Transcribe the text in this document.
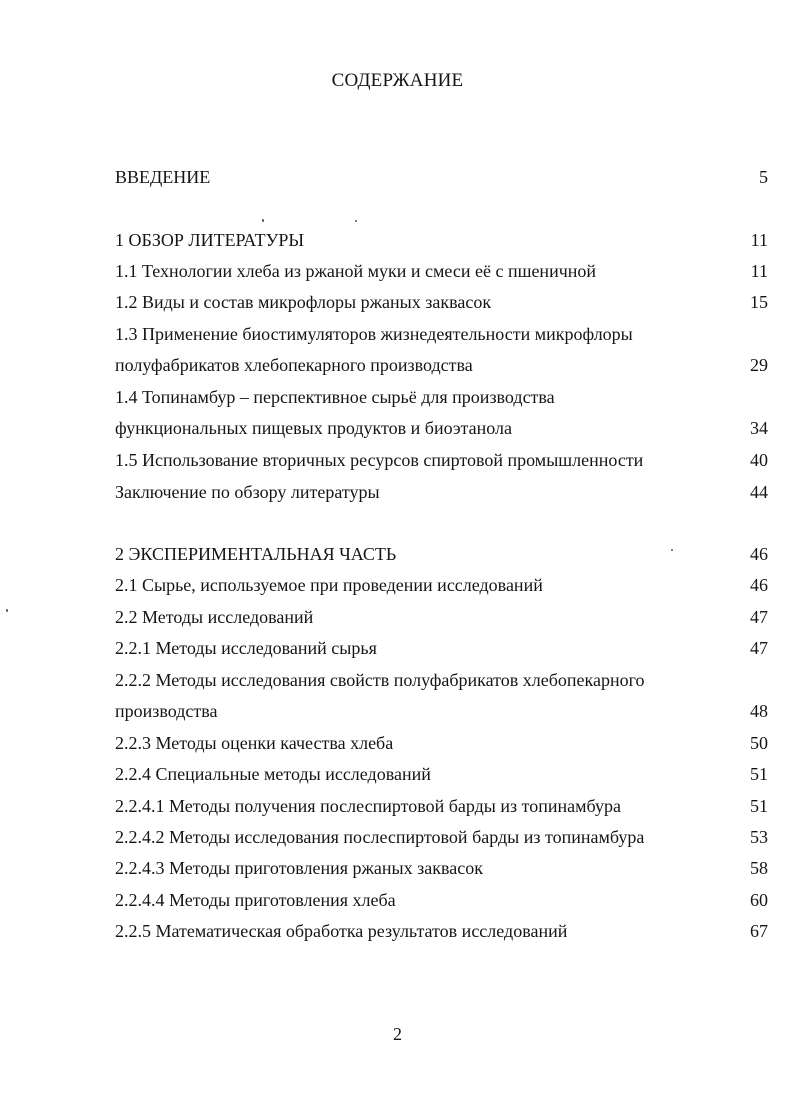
СОДЕРЖАНИЕ
ВВЕДЕНИЕ	5
1 ОБЗОР ЛИТЕРАТУРЫ	11
1.1 Технологии хлеба из ржаной муки и смеси её с пшеничной	11
1.2 Виды и состав микрофлоры ржаных заквасок	15
1.3 Применение биостимуляторов жизнедеятельности микрофлоры
полуфабрикатов хлебопекарного производства	29
1.4 Топинамбур – перспективное сырьё для производства
функциональных пищевых продуктов и биоэтанола	34
1.5 Использование вторичных ресурсов спиртовой промышленности	40
Заключение по обзору литературы	44
2 ЭКСПЕРИМЕНТАЛЬНАЯ ЧАСТЬ	46
2.1 Сырье, используемое при проведении исследований	46
2.2 Методы исследований	47
2.2.1 Методы исследований сырья	47
2.2.2 Методы исследования свойств полуфабрикатов хлебопекарного
производства	48
2.2.3 Методы оценки качества хлеба	50
2.2.4 Специальные методы исследований	51
2.2.4.1 Методы получения послеспиртовой барды из топинамбура	51
2.2.4.2 Методы исследования послеспиртовой барды из топинамбура	53
2.2.4.3 Методы приготовления ржаных заквасок	58
2.2.4.4 Методы приготовления хлеба	60
2.2.5 Математическая обработка результатов исследований	67
2
